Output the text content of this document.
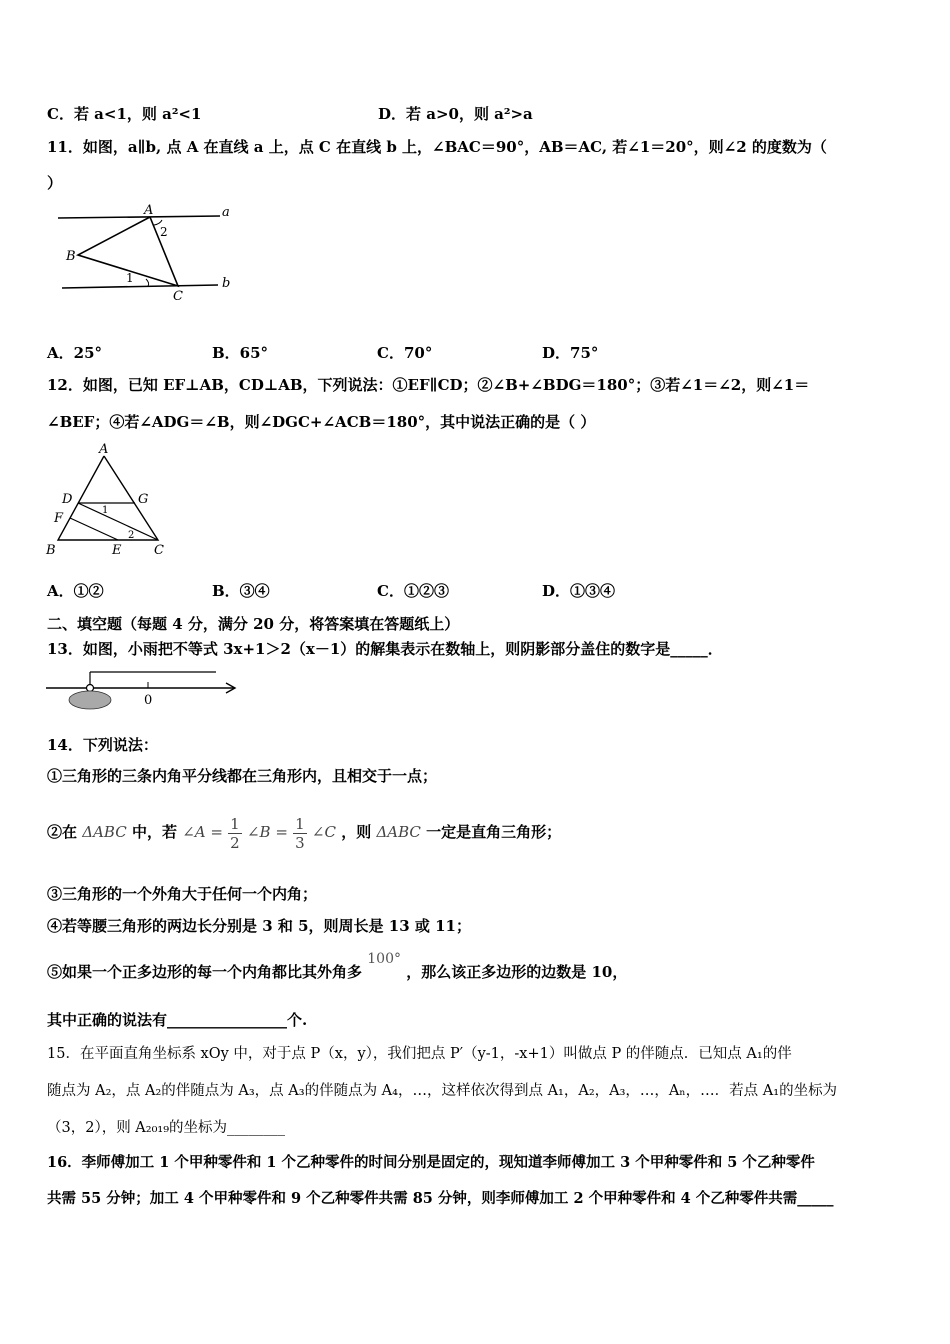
C．若 a<1，则 a²<1	D．若 a>0，则 a²>a
11．如图，a∥b, 点 A 在直线 a 上，点 C 在直线 b 上，∠BAC＝90°，AB＝AC, 若∠1＝20°，则∠2 的度数为（
）
A
B
C
a
b
1
2
A．25°	B．65°	C．70°	D．75°
12．如图，已知 EF⊥AB，CD⊥AB，下列说法：①EF∥CD；②∠B+∠BDG＝180°；③若∠1＝∠2，则∠1＝
∠BEF；④若∠ADG＝∠B，则∠DGC+∠ACB＝180°，其中说法正确的是（ ）
A
D	G
F
B	E	C
1
2
A．①②	B．③④	C．①②③	D．①③④
二、填空题（每题 4 分，满分 20 分，将答案填在答题纸上）
13．如图，小雨把不等式 3x+1＞2（x－1）的解集表示在数轴上，则阴影部分盖住的数字是_____．
0
14．下列说法：
①三角形的三条内角平分线都在三角形内，且相交于一点；
②在 ΔABC 中，若 ∠A = $\frac{1}{2}$ ∠B = $\frac{1}{3}$ ∠C ，则 ΔABC 一定是直角三角形；
③三角形的一个外角大于任何一个内角；
④若等腰三角形的两边长分别是 3 和 5，则周长是 13 或 11；
⑤如果一个正多边形的每一个内角都比其外角多 100° ，那么该正多边形的边数是 10，
其中正确的说法有________________个.
15．在平面直角坐标系 xOy 中，对于点 P（x，y），我们把点 P′（y-1，-x+1）叫做点 P 的伴随点．已知点 A₁的伴
随点为 A₂，点 A₂的伴随点为 A₃，点 A₃的伴随点为 A₄，…，这样依次得到点 A₁，A₂，A₃，…，Aₙ，…．若点 A₁的坐标为
（3，2），则 A₂₀₁₉的坐标为________
16．李师傅加工 1 个甲种零件和 1 个乙种零件的时间分别是固定的，现知道李师傅加工 3 个甲种零件和 5 个乙种零件
共需 55 分钟；加工 4 个甲种零件和 9 个乙种零件共需 85 分钟，则李师傅加工 2 个甲种零件和 4 个乙种零件共需_____
